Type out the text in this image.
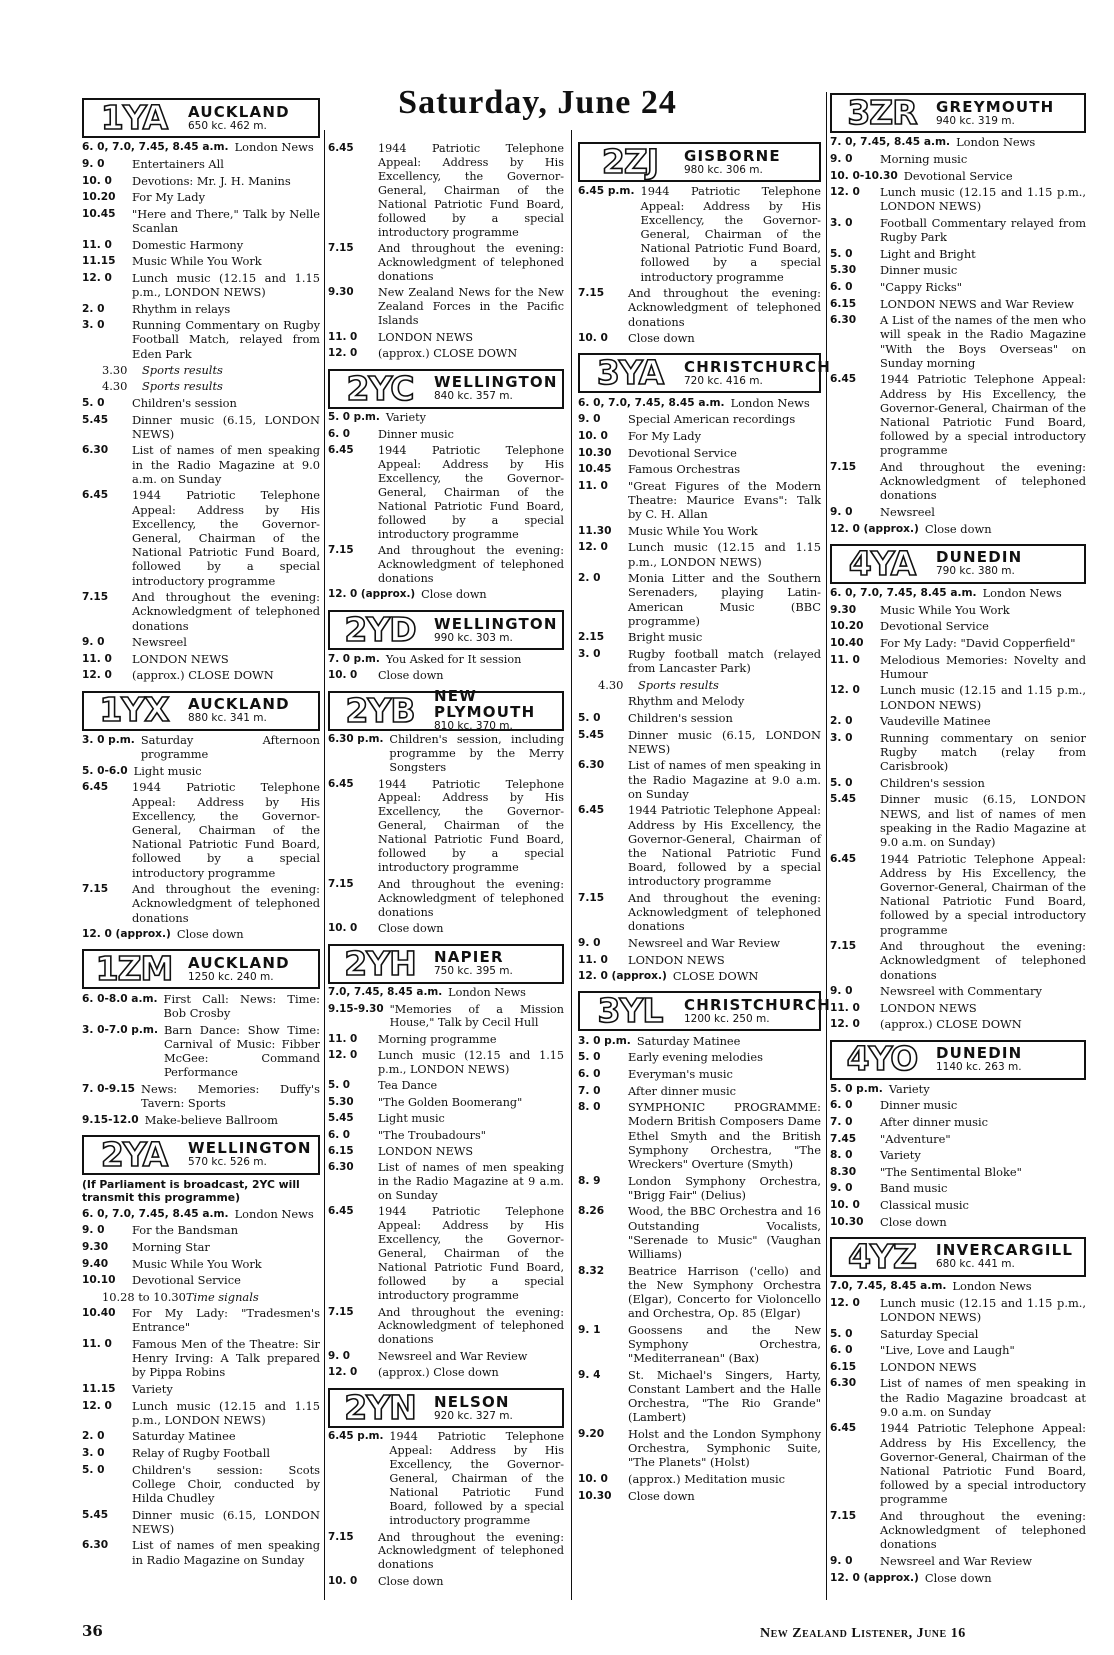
Saturday, June 24
1YA	AUCKLAND
650 kc. 462 m.
6. 0, 7.0, 7.45, 8.45 a.m. London News
9. 0	Entertainers All
10. 0	Devotions: Mr. J. H. Manins
10.20	For My Lady
10.45	"Here and There," Talk by Nelle Scanlan
11. 0	Domestic Harmony
11.15	Music While You Work
12. 0	Lunch music (12.15 and 1.15 p.m., LONDON NEWS)
2. 0	Rhythm in relays
3. 0	Running Commentary on Rugby Football Match, relayed from Eden Park
3.30	Sports results
4.30	Sports results
5. 0	Children's session
5.45	Dinner music (6.15, LONDON NEWS)
6.30	List of names of men speaking in the Radio Magazine at 9.0 a.m. on Sunday
6.45	1944 Patriotic Telephone Appeal: Address by His Excellency, the Governor-General, Chairman of the National Patriotic Fund Board, followed by a special introductory programme
7.15	And throughout the evening: Acknowledgment of telephoned donations
9. 0	Newsreel
11. 0	LONDON NEWS
12. 0	(approx.) CLOSE DOWN
1YX	AUCKLAND
880 kc. 341 m.
3. 0 p.m. Saturday Afternoon programme
5. 0-6.0 Light music
6.45	1944 Patriotic Telephone Appeal: Address by His Excellency, the Governor-General, Chairman of the National Patriotic Fund Board, followed by a special introductory programme
7.15	And throughout the evening: Acknowledgment of telephoned donations
12. 0 (approx.) Close down
1ZM	AUCKLAND
1250 kc. 240 m.
6. 0-8.0 a.m. First Call: News: Time: Bob Crosby
3. 0-7.0 p.m. Barn Dance: Show Time: Carnival of Music: Fibber McGee: Command Performance
7. 0-9.15 News: Memories: Duffy's Tavern: Sports
9.15-12.0 Make-believe Ballroom
2YA	WELLINGTON
570 kc. 526 m.
(If Parliament is broadcast, 2YC will transmit this programme)
6. 0, 7.0, 7.45, 8.45 a.m. London News
9. 0	For the Bandsman
9.30	Morning Star
9.40	Music While You Work
10.10	Devotional Service
10.28 to 10.30 Time signals
10.40	For My Lady: "Tradesmen's Entrance"
11. 0	Famous Men of the Theatre: Sir Henry Irving: A Talk prepared by Pippa Robins
11.15	Variety
12. 0	Lunch music (12.15 and 1.15 p.m., LONDON NEWS)
2. 0	Saturday Matinee
3. 0	Relay of Rugby Football
5. 0	Children's session: Scots College Choir, conducted by Hilda Chudley
5.45	Dinner music (6.15, LONDON NEWS)
6.30	List of names of men speaking in Radio Magazine on Sunday
6.45	1944 Patriotic Telephone Appeal: Address by His Excellency, the Governor-General, Chairman of the National Patriotic Fund Board, followed by a special introductory programme
7.15	And throughout the evening: Acknowledgment of telephoned donations
9.30	New Zealand News for the New Zealand Forces in the Pacific Islands
11. 0	LONDON NEWS
12. 0	(approx.) CLOSE DOWN
2YC	WELLINGTON
840 kc. 357 m.
5. 0 p.m. Variety
6. 0	Dinner music
6.45	1944 Patriotic Telephone Appeal: Address by His Excellency, the Governor-General, Chairman of the National Patriotic Fund Board, followed by a special introductory programme
7.15	And throughout the evening: Acknowledgment of telephoned donations
12. 0 (approx.) Close down
2YD	WELLINGTON
990 kc. 303 m.
7. 0 p.m. You Asked for It session
10. 0	Close down
2YB	NEW PLYMOUTH
810 kc. 370 m.
6.30 p.m. Children's session, including programme by the Merry Songsters
6.45	1944 Patriotic Telephone Appeal: Address by His Excellency, the Governor-General, Chairman of the National Patriotic Fund Board, followed by a special introductory programme
7.15	And throughout the evening: Acknowledgment of telephoned donations
10. 0	Close down
2YH	NAPIER
750 kc. 395 m.
7.0, 7.45, 8.45 a.m. London News
9.15-9.30 "Memories of a Mission House," Talk by Cecil Hull
11. 0	Morning programme
12. 0	Lunch music (12.15 and 1.15 p.m., LONDON NEWS)
5. 0	Tea Dance
5.30	"The Golden Boomerang"
5.45	Light music
6. 0	"The Troubadours"
6.15	LONDON NEWS
6.30	List of names of men speaking in the Radio Magazine at 9 a.m. on Sunday
6.45	1944 Patriotic Telephone Appeal: Address by His Excellency, the Governor-General, Chairman of the National Patriotic Fund Board, followed by a special introductory programme
7.15	And throughout the evening: Acknowledgment of telephoned donations
9. 0	Newsreel and War Review
12. 0	(approx.) Close down
2YN	NELSON
920 kc. 327 m.
6.45 p.m. 1944 Patriotic Telephone Appeal: Address by His Excellency, the Governor-General, Chairman of the National Patriotic Fund Board, followed by a special introductory programme
7.15	And throughout the evening: Acknowledgment of telephoned donations
10. 0	Close down
2ZJ	GISBORNE
980 kc. 306 m.
6.45 p.m. 1944 Patriotic Telephone Appeal: Address by His Excellency, the Governor-General, Chairman of the National Patriotic Fund Board, followed by a special introductory programme
7.15	And throughout the evening: Acknowledgment of telephoned donations
10. 0	Close down
3YA	CHRISTCHURCH
720 kc. 416 m.
6. 0, 7.0, 7.45, 8.45 a.m. London News
9. 0	Special American recordings
10. 0	For My Lady
10.30	Devotional Service
10.45	Famous Orchestras
11. 0	"Great Figures of the Modern Theatre: Maurice Evans": Talk by C. H. Allan
11.30	Music While You Work
12. 0	Lunch music (12.15 and 1.15 p.m., LONDON NEWS)
2. 0	Monia Litter and the Southern Serenaders, playing Latin-American Music (BBC programme)
2.15	Bright music
3. 0	Rugby football match (relayed from Lancaster Park)
4.30	Sports results
Rhythm and Melody
5. 0	Children's session
5.45	Dinner music (6.15, LONDON NEWS)
6.30	List of names of men speaking in the Radio Magazine at 9.0 a.m. on Sunday
6.45	1944 Patriotic Telephone Appeal: Address by His Excellency, the Governor-General, Chairman of the National Patriotic Fund Board, followed by a special introductory programme
7.15	And throughout the evening: Acknowledgment of telephoned donations
9. 0	Newsreel and War Review
11. 0	LONDON NEWS
12. 0 (approx.) CLOSE DOWN
3YL	CHRISTCHURCH
1200 kc. 250 m.
3. 0 p.m. Saturday Matinee
5. 0	Early evening melodies
6. 0	Everyman's music
7. 0	After dinner music
8. 0	SYMPHONIC PROGRAMME: Modern British Composers Dame Ethel Smyth and the British Symphony Orchestra, "The Wreckers" Overture (Smyth)
8. 9	London Symphony Orchestra, "Brigg Fair" (Delius)
8.26	Wood, the BBC Orchestra and 16 Outstanding Vocalists, "Serenade to Music" (Vaughan Williams)
8.32	Beatrice Harrison ('cello) and the New Symphony Orchestra (Elgar), Concerto for Violoncello and Orchestra, Op. 85 (Elgar)
9. 1	Goossens and the New Symphony Orchestra, "Mediterranean" (Bax)
9. 4	St. Michael's Singers, Harty, Constant Lambert and the Halle Orchestra, "The Rio Grande" (Lambert)
9.20	Holst and the London Symphony Orchestra, Symphonic Suite, "The Planets" (Holst)
10. 0	(approx.) Meditation music
10.30	Close down
3ZR	GREYMOUTH
940 kc. 319 m.
7. 0, 7.45, 8.45 a.m. London News
9. 0	Morning music
10. 0-10.30 Devotional Service
12. 0	Lunch music (12.15 and 1.15 p.m., LONDON NEWS)
3. 0	Football Commentary relayed from Rugby Park
5. 0	Light and Bright
5.30	Dinner music
6. 0	"Cappy Ricks"
6.15	LONDON NEWS and War Review
6.30	A List of the names of the men who will speak in the Radio Magazine "With the Boys Overseas" on Sunday morning
6.45	1944 Patriotic Telephone Appeal: Address by His Excellency, the Governor-General, Chairman of the National Patriotic Fund Board, followed by a special introductory programme
7.15	And throughout the evening: Acknowledgment of telephoned donations
9. 0	Newsreel
12. 0 (approx.) Close down
4YA	DUNEDIN
790 kc. 380 m.
6. 0, 7.0, 7.45, 8.45 a.m. London News
9.30	Music While You Work
10.20	Devotional Service
10.40	For My Lady: "David Copperfield"
11. 0	Melodious Memories: Novelty and Humour
12. 0	Lunch music (12.15 and 1.15 p.m., LONDON NEWS)
2. 0	Vaudeville Matinee
3. 0	Running commentary on senior Rugby match (relay from Carisbrook)
5. 0	Children's session
5.45	Dinner music (6.15, LONDON NEWS, and list of names of men speaking in the Radio Magazine at 9.0 a.m. on Sunday)
6.45	1944 Patriotic Telephone Appeal: Address by His Excellency, the Governor-General, Chairman of the National Patriotic Fund Board, followed by a special introductory programme
7.15	And throughout the evening: Acknowledgment of telephoned donations
9. 0	Newsreel with Commentary
11. 0	LONDON NEWS
12. 0	(approx.) CLOSE DOWN
4YO	DUNEDIN
1140 kc. 263 m.
5. 0 p.m. Variety
6. 0	Dinner music
7. 0	After dinner music
7.45	"Adventure"
8. 0	Variety
8.30	"The Sentimental Bloke"
9. 0	Band music
10. 0	Classical music
10.30	Close down
4YZ	INVERCARGILL
680 kc. 441 m.
7.0, 7.45, 8.45 a.m. London News
12. 0	Lunch music (12.15 and 1.15 p.m., LONDON NEWS)
5. 0	Saturday Special
6. 0	"Live, Love and Laugh"
6.15	LONDON NEWS
6.30	List of names of men speaking in the Radio Magazine broadcast at 9.0 a.m. on Sunday
6.45	1944 Patriotic Telephone Appeal: Address by His Excellency, the Governor-General, Chairman of the National Patriotic Fund Board, followed by a special introductory programme
7.15	And throughout the evening: Acknowledgment of telephoned donations
9. 0	Newsreel and War Review
12. 0 (approx.) Close down
36	New Zealand Listener, June 16
